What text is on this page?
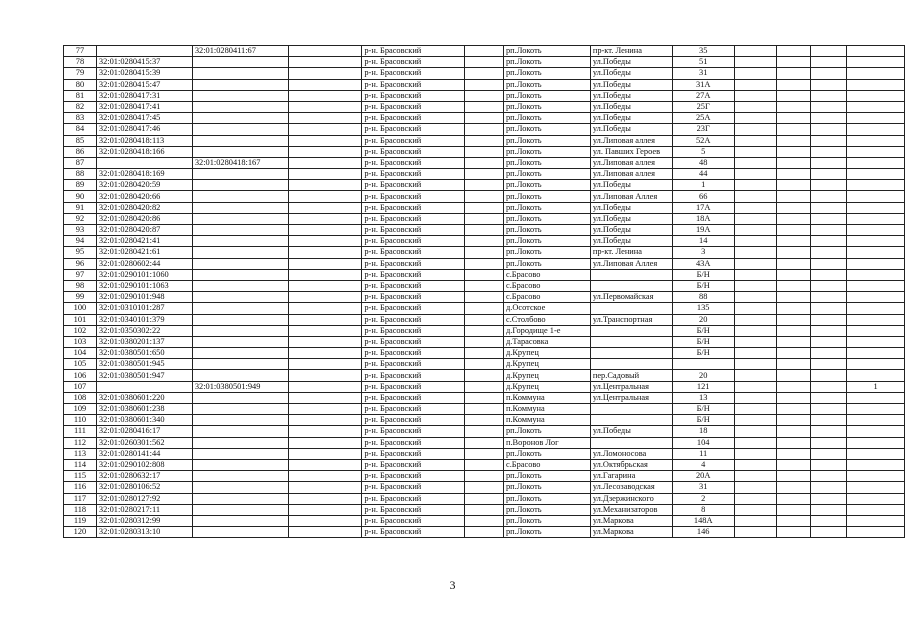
77		32:01:0280411:67		р-н. Брасовский		рп.Локоть	пр-кт. Ленина	35				
78	32:01:0280415:37			р-н. Брасовский		рп.Локоть	ул.Победы	51				
79	32:01:0280415:39			р-н. Брасовский		рп.Локоть	ул.Победы	31				
80	32:01:0280415:47			р-н. Брасовский		рп.Локоть	ул.Победы	31А				
81	32:01:0280417:31			р-н. Брасовский		рп.Локоть	ул.Победы	27А				
82	32:01:0280417:41			р-н. Брасовский		рп.Локоть	ул.Победы	25Г				
83	32:01:0280417:45			р-н. Брасовский		рп.Локоть	ул.Победы	25А				
84	32:01:0280417:46			р-н. Брасовский		рп.Локоть	ул.Победы	23Г				
85	32:01:0280418:113			р-н. Брасовский		рп.Локоть	ул.Липовая аллея	52А				
86	32:01:0280418:166			р-н. Брасовский		рп.Локоть	ул. Павших Героев	5				
87		32:01:0280418:167		р-н. Брасовский		рп.Локоть	ул.Липовая аллея	48				
88	32:01:0280418:169			р-н. Брасовский		рп.Локоть	ул.Липовая аллея	44				
89	32:01:0280420:59			р-н. Брасовский		рп.Локоть	ул.Победы	1				
90	32:01:0280420:66			р-н. Брасовский		рп.Локоть	ул.Липовая Аллея	66				
91	32:01:0280420:82			р-н. Брасовский		рп.Локоть	ул.Победы	17А				
92	32:01:0280420:86			р-н. Брасовский		рп.Локоть	ул.Победы	18А				
93	32:01:0280420:87			р-н. Брасовский		рп.Локоть	ул.Победы	19А				
94	32:01:0280421:41			р-н. Брасовский		рп.Локоть	ул.Победы	14				
95	32:01:0280421:61			р-н. Брасовский		рп.Локоть	пр-кт. Ленина	3				
96	32:01:0280602:44			р-н. Брасовский		рп.Локоть	ул.Липовая Аллея	43А				
97	32:01:0290101:1060			р-н. Брасовский		с.Брасово		Б/Н				
98	32:01:0290101:1063			р-н. Брасовский		с.Брасово		Б/Н				
99	32:01:0290101:948			р-н. Брасовский		с.Брасово	ул.Первомайская	88				
100	32:01:0310101:287			р-н. Брасовский		д.Осотское		135				
101	32:01:0340101:379			р-н. Брасовский		с.Столбово	ул.Транспортная	20				
102	32:01:0350302:22			р-н. Брасовский		д.Городище 1-е		Б/Н				
103	32:01:0380201:137			р-н. Брасовский		д.Тарасовка		Б/Н				
104	32:01:0380501:650			р-н. Брасовский		д.Крупец		Б/Н				
105	32:01:0380501:945			р-н. Брасовский		д.Крупец						
106	32:01:0380501:947			р-н. Брасовский		д.Крупец	пер.Садовый	20				
107		32:01:0380501:949		р-н. Брасовский		д.Крупец	ул.Центральная	121				1
108	32:01:0380601:220			р-н. Брасовский		п.Коммуна	ул.Центральная	13				
109	32:01:0380601:238			р-н. Брасовский		п.Коммуна		Б/Н				
110	32:01:0380601:340			р-н. Брасовский		п.Коммуна		Б/Н				
111	32:01:0280416:17			р-н. Брасовский		рп.Локоть	ул.Победы	18				
112	32:01:0260301:562			р-н. Брасовский		п.Воронов Лог		104				
113	32:01:0280141:44			р-н. Брасовский		рп.Локоть	ул.Ломоносова	11				
114	32:01:0290102:808			р-н. Брасовский		с.Брасово	ул.Октябрьская	4				
115	32:01:0280632:17			р-н. Брасовский		рп.Локоть	ул.Гагарина	20А				
116	32:01:0280106:52			р-н. Брасовский		рп.Локоть	ул.Лесозаводская	31				
117	32:01:0280127:92			р-н. Брасовский		рп.Локоть	ул.Дзержинского	2				
118	32:01:0280217:11			р-н. Брасовский		рп.Локоть	ул.Механизаторов	8				
119	32:01:0280312:99			р-н. Брасовский		рп.Локоть	ул.Маркова	148А				
120	32:01:0280313:10			р-н. Брасовский		рп.Локоть	ул.Маркова	146				
3
